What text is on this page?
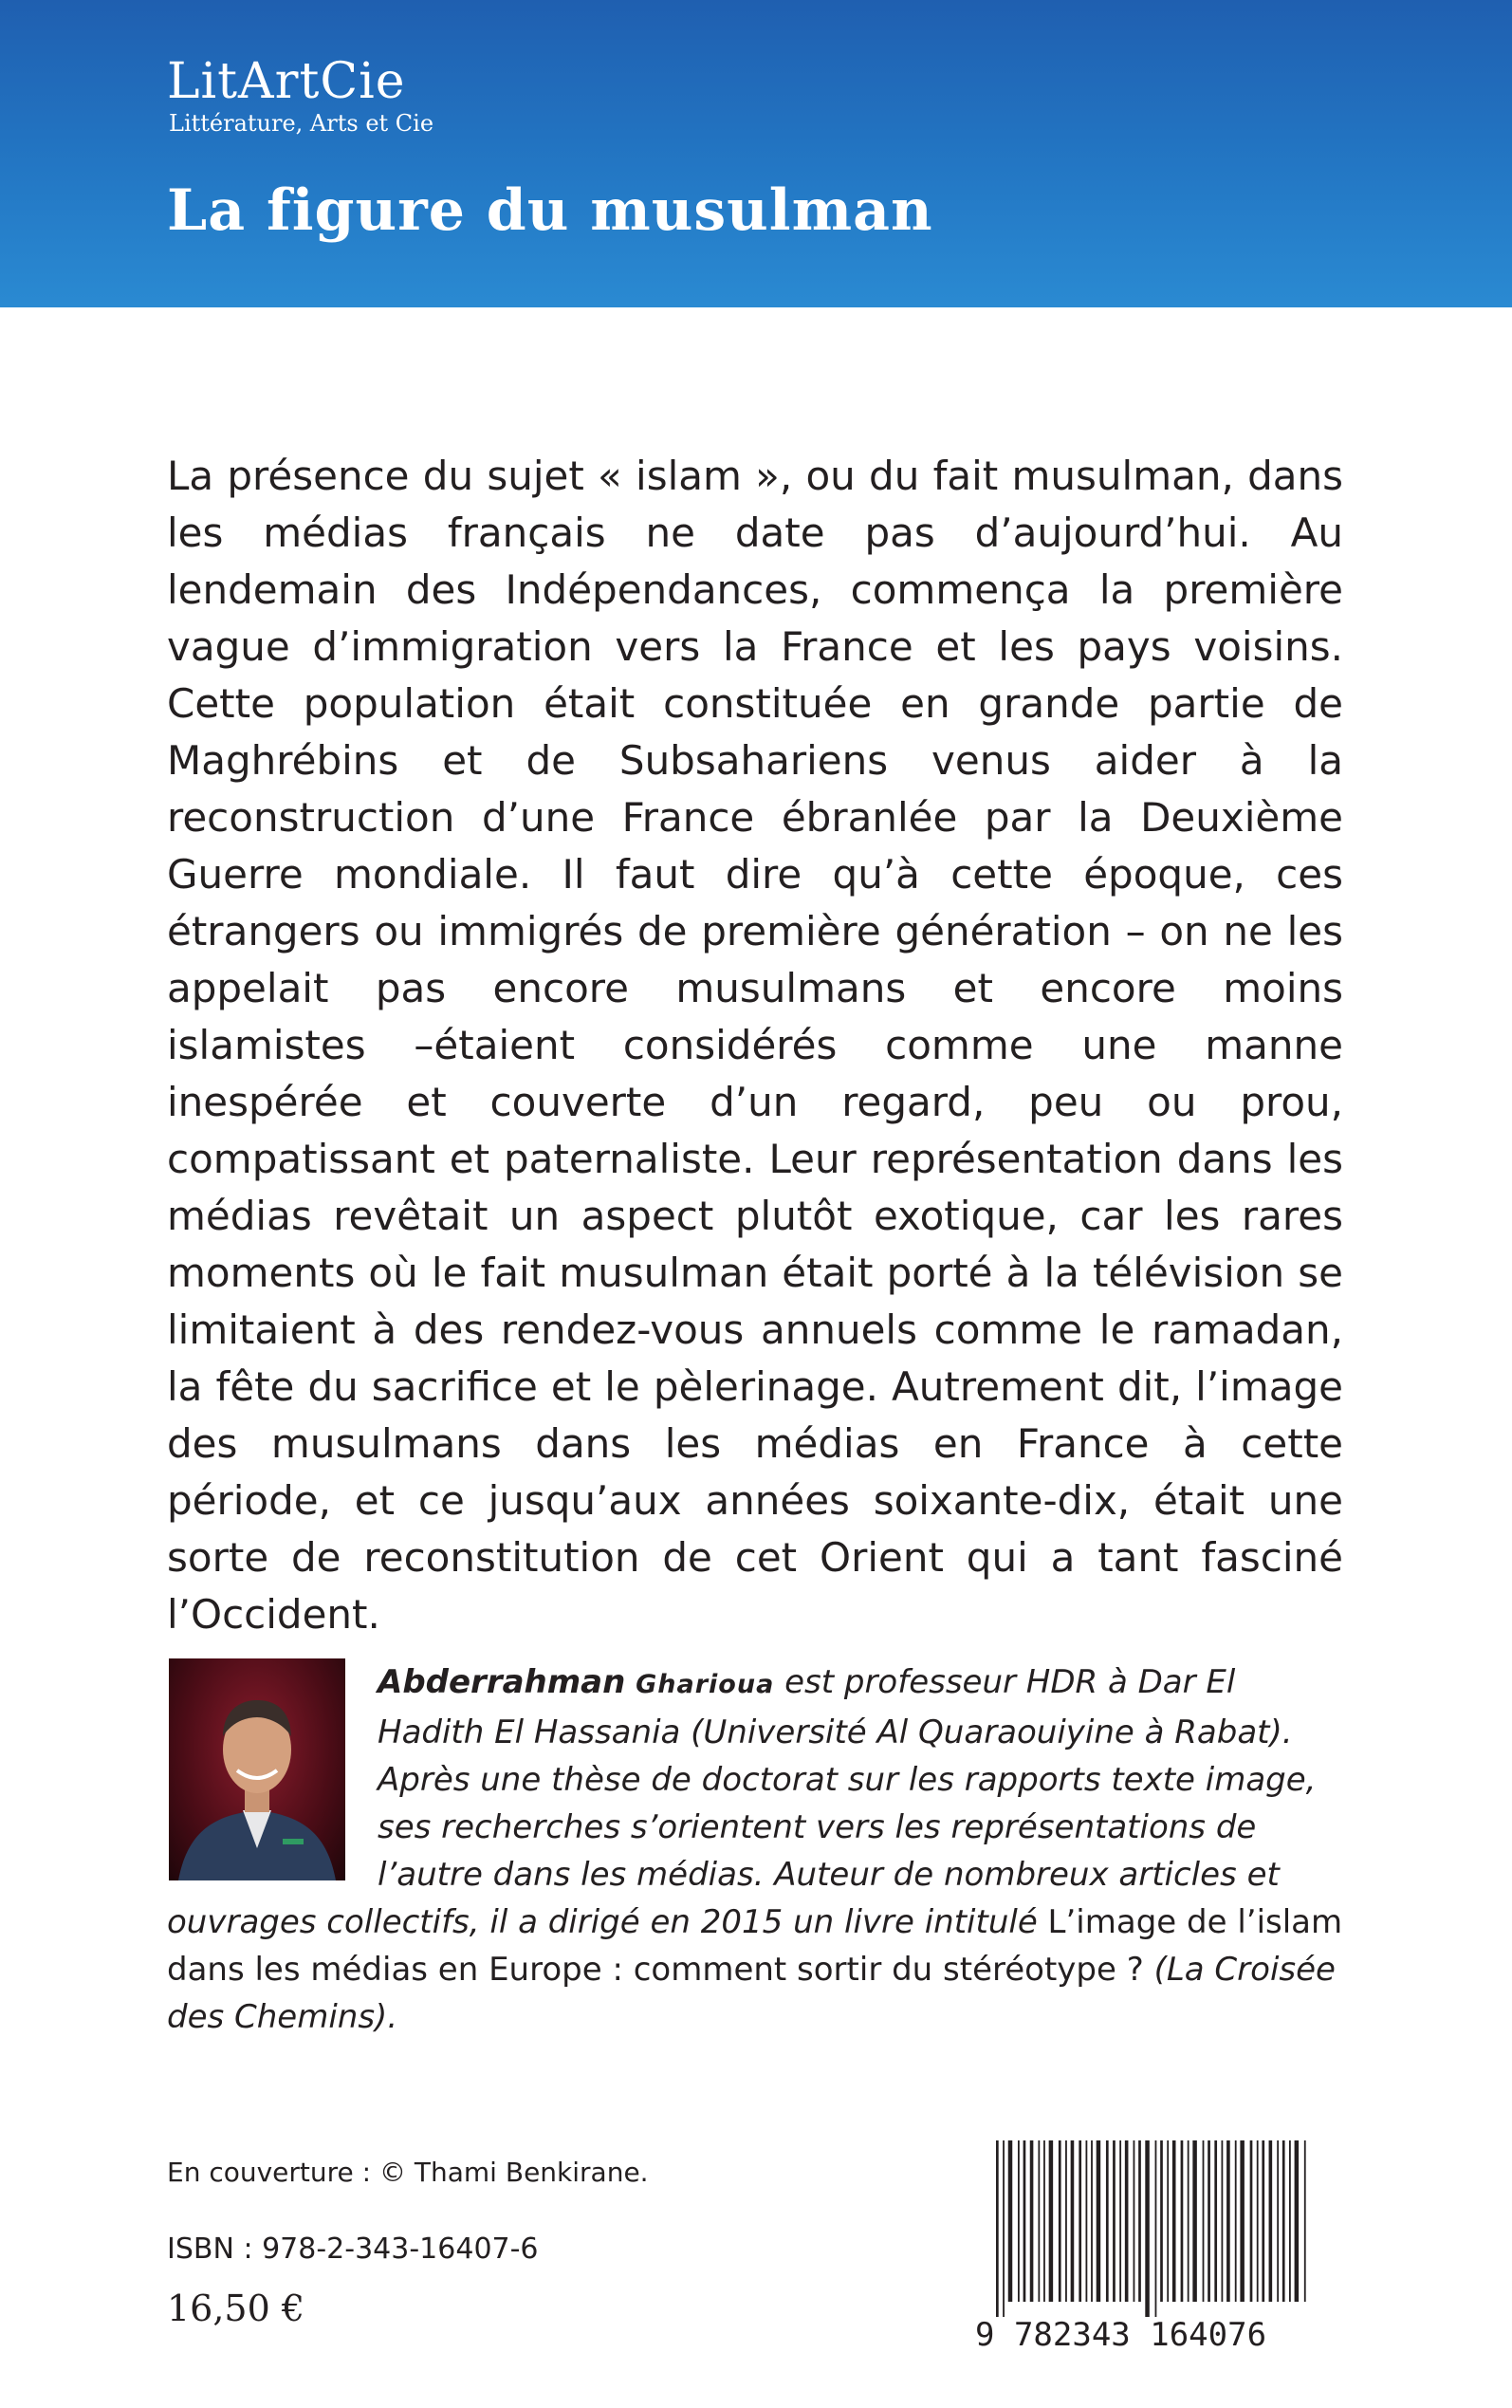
LitArtCie
Littérature, Arts et Cie
La figure du musulman

La présence du sujet « islam », ou du fait musulman, dans les médias français ne date pas d’aujourd’hui. Au lendemain des Indépendances, commença la première vague d’immigration vers la France et les pays voisins. Cette population était constituée en grande partie de Maghrébins et de Subsahariens venus aider à la reconstruction d’une France ébranlée par la Deuxième Guerre mondiale. Il faut dire qu’à cette époque, ces étrangers ou immigrés de première génération – on ne les appelait pas encore musulmans et encore moins islamistes –étaient considérés comme une manne inespérée et couverte d’un regard, peu ou prou, compatissant et paternaliste. Leur représentation dans les médias revêtait un aspect plutôt exotique, car les rares moments où le fait musulman était porté à la télévision se limitaient à des rendez-vous annuels comme le ramadan, la fête du sacrifice et le pèlerinage. Autrement dit, l’image des musulmans dans les médias en France à cette période, et ce jusqu’aux années soixante-dix, était une sorte de reconstitution de cet Orient qui a tant fasciné l’Occident.

Abderrahman Gharioua est professeur HDR à Dar El Hadith El Hassania (Université Al Quaraouiyine à Rabat). Après une thèse de doctorat sur les rapports texte image, ses recherches s’orientent vers les représentations de l’autre dans les médias. Auteur de nombreux articles et ouvrages collectifs, il a dirigé en 2015 un livre intitulé L’image de l’islam dans les médias en Europe : comment sortir du stéréotype ? (La Croisée des Chemins).

En couverture : © Thami Benkirane.
ISBN : 978-2-343-16407-6
16,50 €
9 782343 164076
